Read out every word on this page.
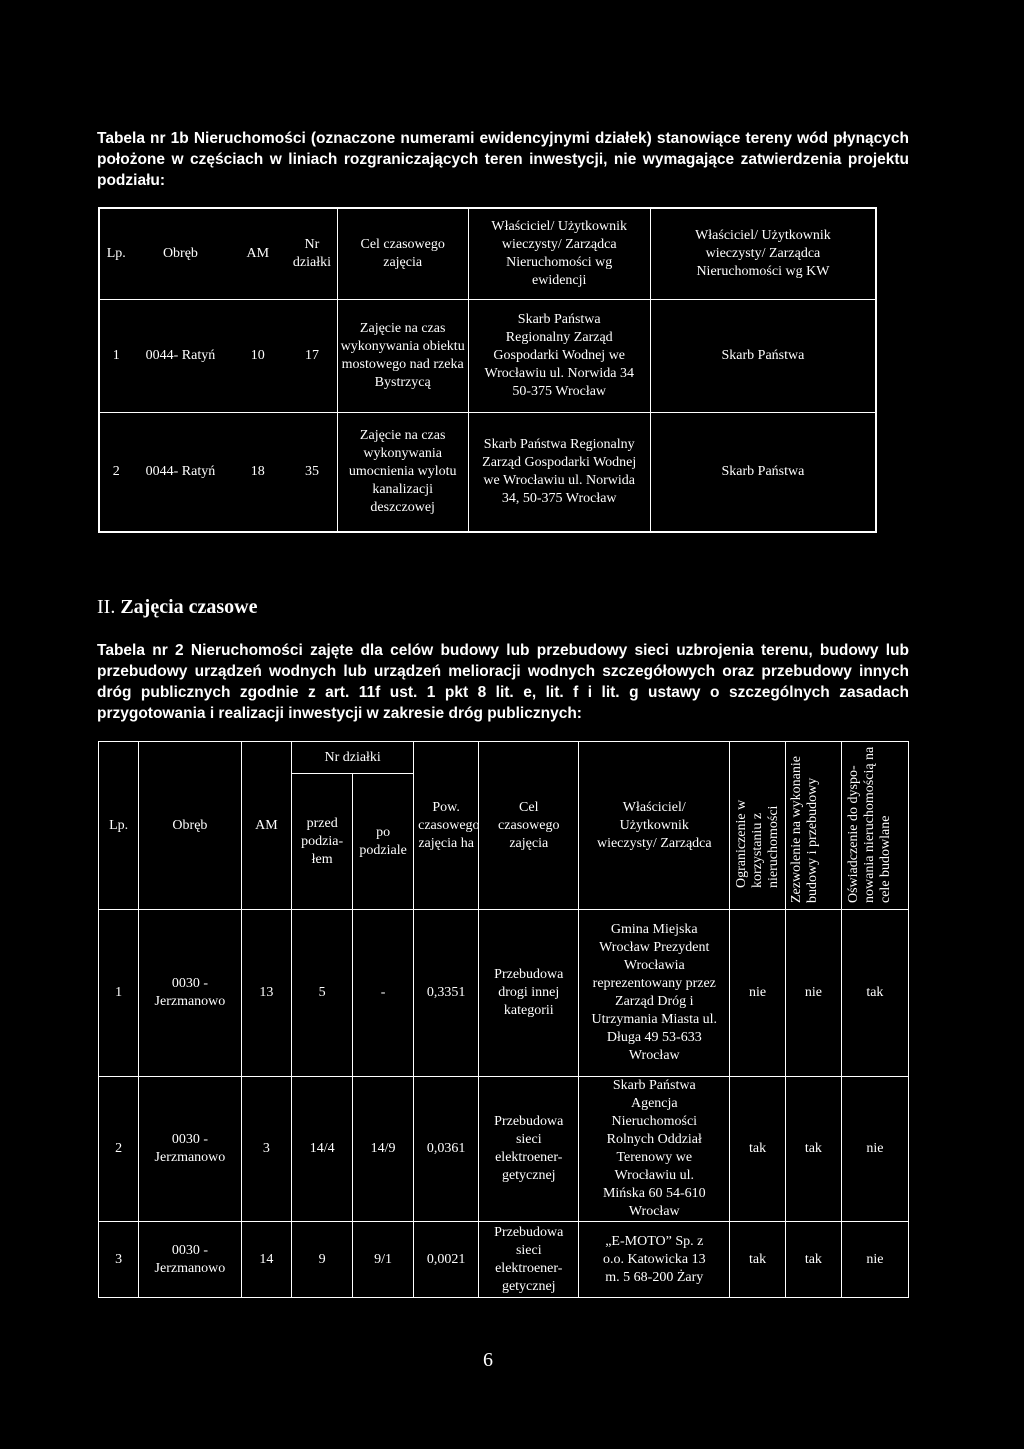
Tabela nr 1b Nieruchomości (oznaczone numerami ewidencyjnymi działek) stanowiące tereny wód płynących położone w częściach w liniach rozgraniczających teren inwestycji, nie wymagające zatwierdzenia projektu podziału:
Lp.	Obręb	AM	Nr działki	Cel czasowego zajęcia	Właściciel/ Użytkownik wieczysty/ Zarządca Nieruchomości wg ewidencji	Właściciel/ Użytkownik wieczysty/ Zarządca Nieruchomości wg KW

1	0044- Ratyń	10	17	Zajęcie na czas wykonywania obiektu mostowego nad rzeka Bystrzycą	Skarb Państwa Regionalny Zarząd Gospodarki Wodnej we Wrocławiu ul. Norwida 34 50-375 Wrocław	Skarb Państwa
2	0044- Ratyń	18	35	Zajęcie na czas wykonywania umocnienia wylotu kanalizacji deszczowej	Skarb Państwa Regionalny Zarząd Gospodarki Wodnej we Wrocławiu ul. Norwida 34, 50-375 Wrocław	Skarb Państwa
II. Zajęcia czasowe
Tabela nr 2 Nieruchomości zajęte dla celów budowy lub przebudowy sieci uzbrojenia terenu, budowy lub przebudowy urządzeń wodnych lub urządzeń melioracji wodnych szczegółowych oraz przebudowy innych dróg publicznych zgodnie z art. 11f ust. 1 pkt 8 lit. e, lit. f i lit. g ustawy o szczególnych zasadach przygotowania i realizacji inwestycji w zakresie dróg publicznych:
Lp.	Obręb	AM	Nr działki		Pow. czasowego zajęcia ha	Cel czasowego zajęcia	Właściciel/ Użytkownik wieczysty/ Zarządca	Ograniczenie w korzystaniu z nieruchomości	Zezwolenie na wykonanie budowy i przebudowy	Oświadczenie do dyspo-nowania nieruchomością na cele budowlane

			przed podzia-łem	po podziale						

1	0030 - Jerzmanowo	13	5	-	0,3351	Przebudowa drogi innej kategorii	Gmina Miejska Wrocław Prezydent Wrocławia reprezentowany przez Zarząd Dróg i Utrzymania Miasta ul. Długa 49 53-633 Wrocław	nie	nie	tak
2	0030 - Jerzmanowo	3	14/4	14/9	0,0361	Przebudowa sieci elektroener-getycznej	Skarb Państwa Agencja Nieruchomości Rolnych Oddział Terenowy we Wrocławiu ul. Mińska 60 54-610 Wrocław	tak	tak	nie
3	0030 - Jerzmanowo	14	9	9/1	0,0021	Przebudowa sieci elektroener-getycznej	„E-MOTO” Sp. z o.o. Katowicka 13 m. 5 68-200 Żary	tak	tak	nie
6
